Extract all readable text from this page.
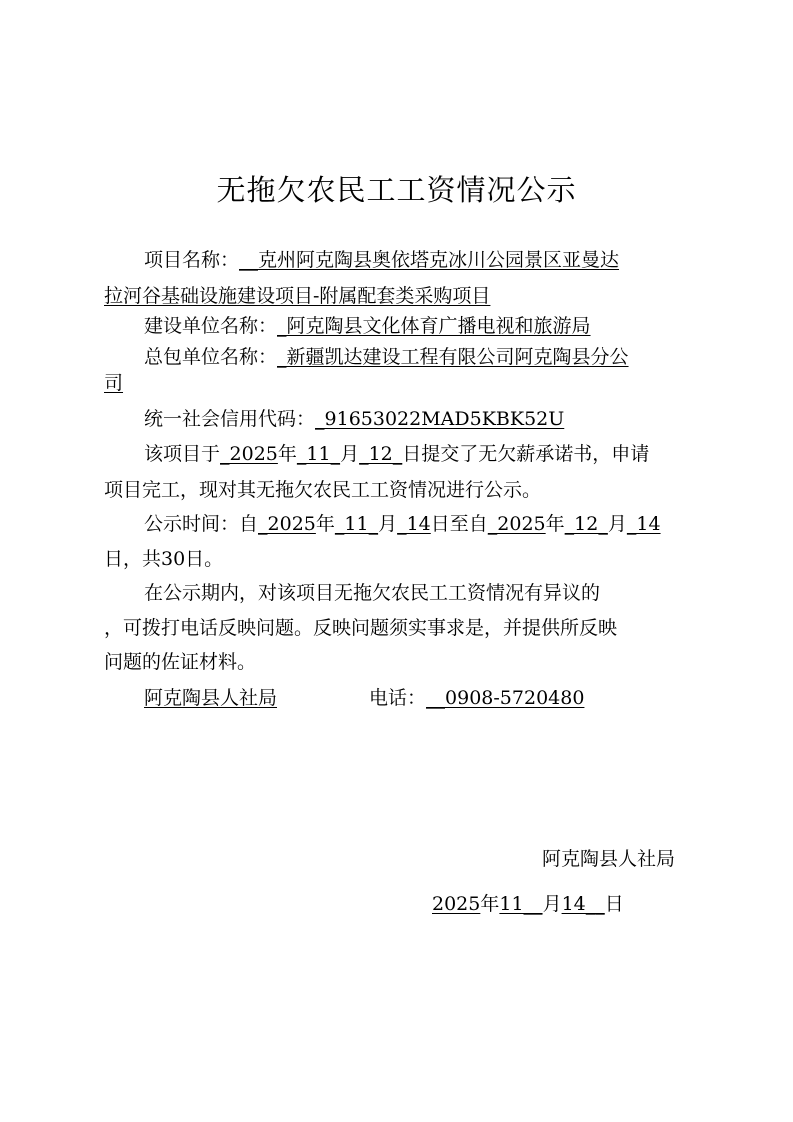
无拖欠农民工工资情况公示
项目名称：__克州阿克陶县奥依塔克冰川公园景区亚曼达
拉河谷基础设施建设项目-附属配套类采购项目
建设单位名称：_阿克陶县文化体育广播电视和旅游局
总包单位名称：_新疆凯达建设工程有限公司阿克陶县分公
司
统一社会信用代码：_91653022MAD5KBK52U
该项目于_2025年_11_月_12_日提交了无欠薪承诺书，申请
项目完工，现对其无拖欠农民工工资情况进行公示。
公示时间：自_2025年_11_月_14日至自_2025年_12_月_14
日，共30日。
在公示期内，对该项目无拖欠农民工工资情况有异议的
，可拨打电话反映问题。反映问题须实事求是，并提供所反映
问题的佐证材料。
阿克陶县人社局	电话：__0908-5720480
阿克陶县人社局
2025年11__月14__日
